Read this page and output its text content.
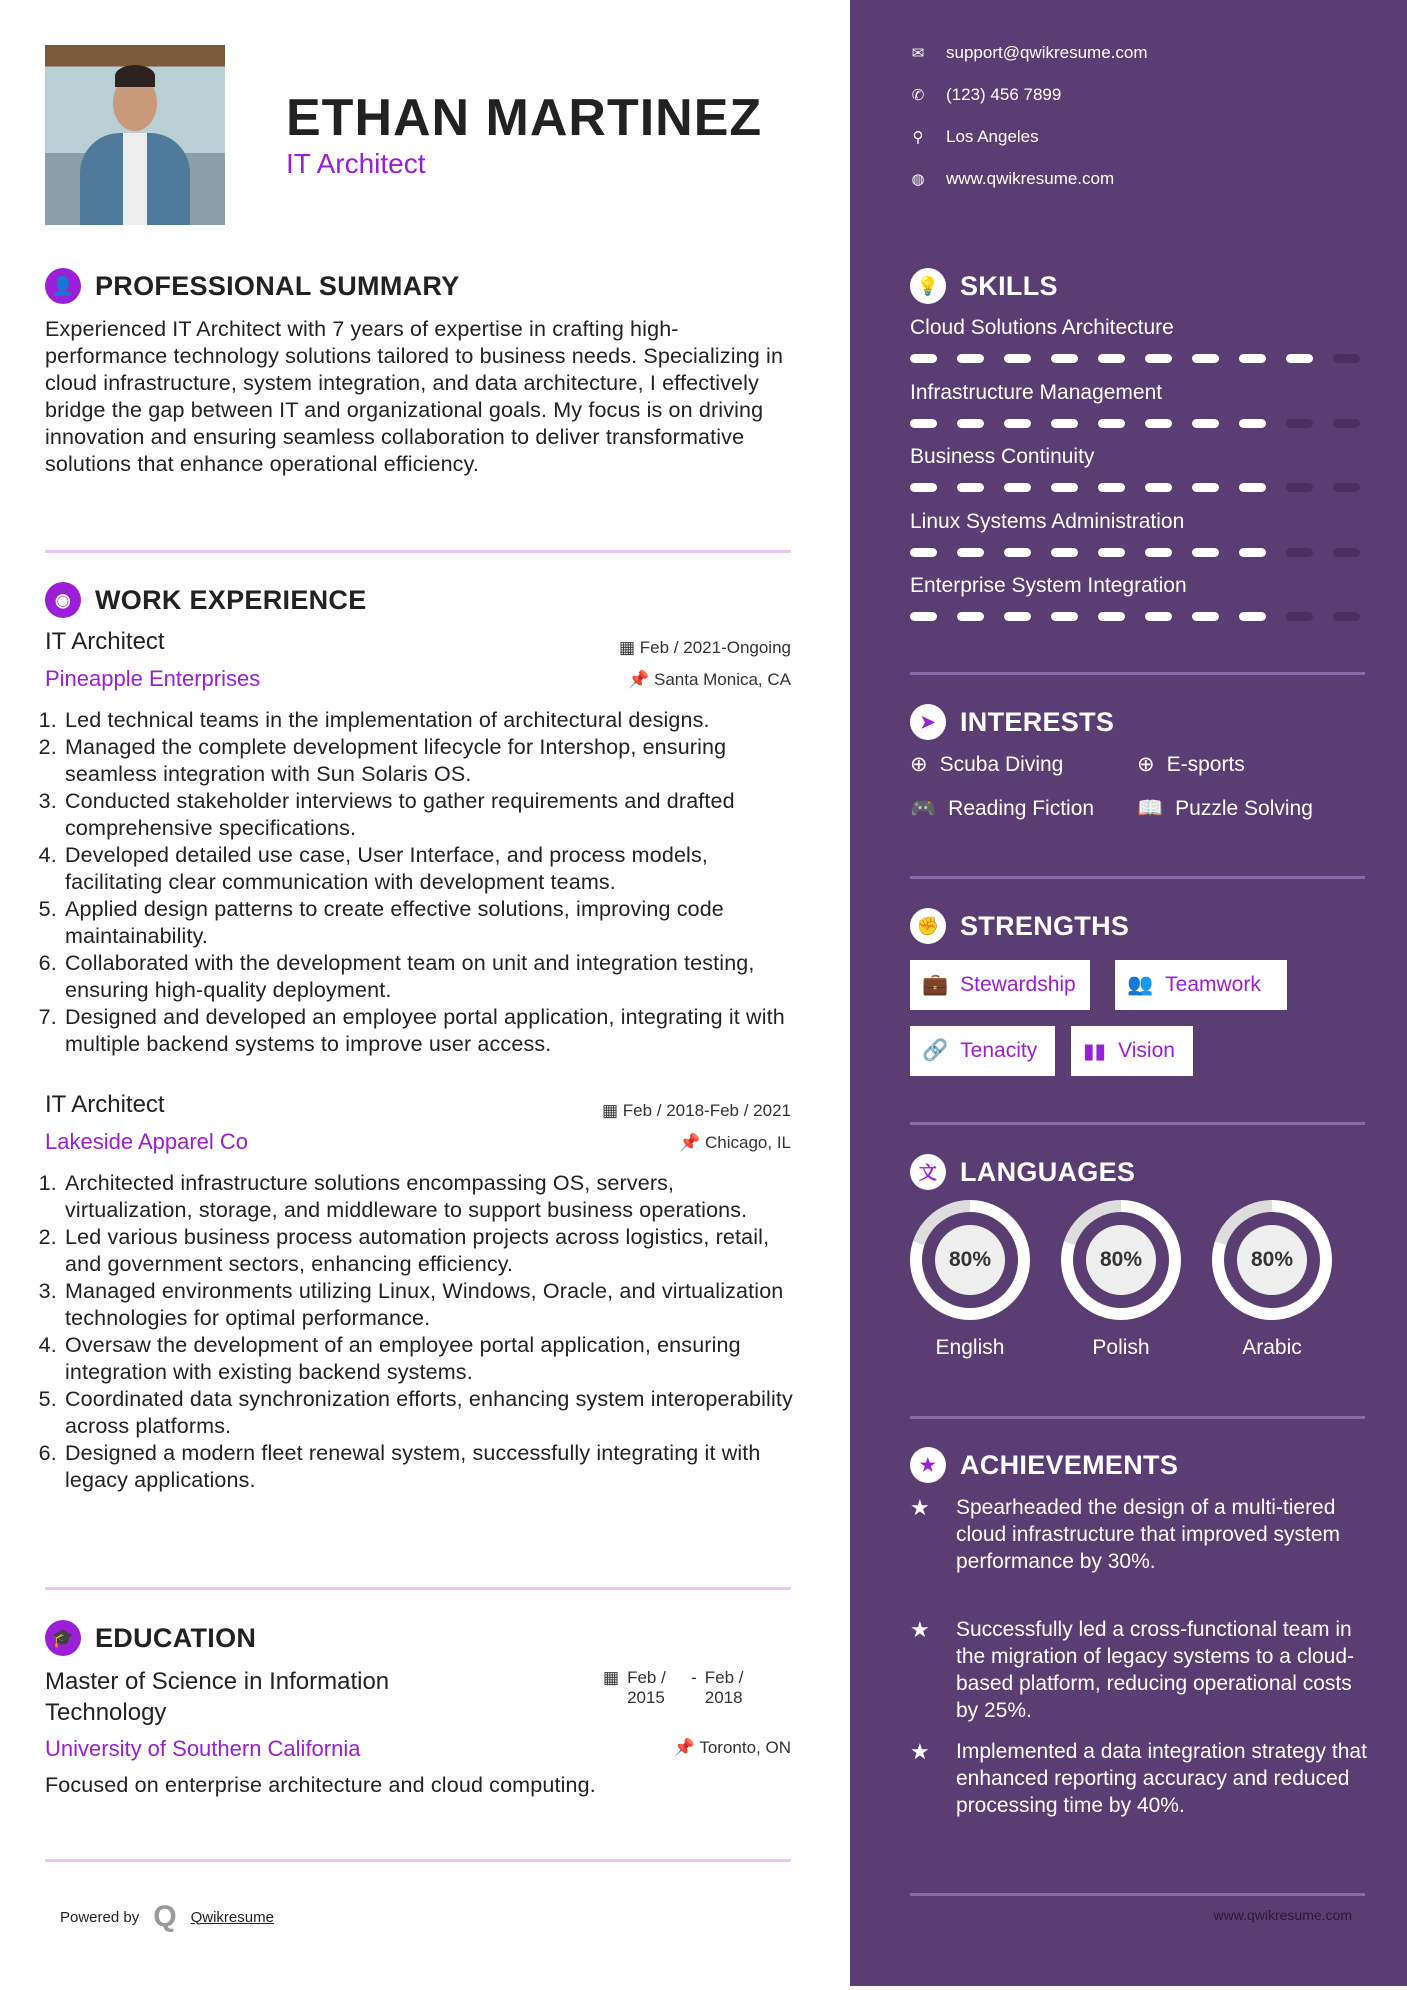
ETHAN MARTINEZ
IT Architect
👤 PROFESSIONAL SUMMARY
Experienced IT Architect with 7 years of expertise in crafting high-performance technology solutions tailored to business needs. Specializing in cloud infrastructure, system integration, and data architecture, I effectively bridge the gap between IT and organizational goals. My focus is on driving innovation and ensuring seamless collaboration to deliver transformative solutions that enhance operational efficiency.
◉ WORK EXPERIENCE
IT Architect	▦ Feb / 2021-Ongoing
Pineapple Enterprises	📌 Santa Monica, CA
1. Led technical teams in the implementation of architectural designs.
2. Managed the complete development lifecycle for Intershop, ensuring seamless integration with Sun Solaris OS.
3. Conducted stakeholder interviews to gather requirements and drafted comprehensive specifications.
4. Developed detailed use case, User Interface, and process models, facilitating clear communication with development teams.
5. Applied design patterns to create effective solutions, improving code maintainability.
6. Collaborated with the development team on unit and integration testing, ensuring high-quality deployment.
7. Designed and developed an employee portal application, integrating it with multiple backend systems to improve user access.
IT Architect	▦ Feb / 2018-Feb / 2021
Lakeside Apparel Co	📌 Chicago, IL
1. Architected infrastructure solutions encompassing OS, servers, virtualization, storage, and middleware to support business operations.
2. Led various business process automation projects across logistics, retail, and government sectors, enhancing efficiency.
3. Managed environments utilizing Linux, Windows, Oracle, and virtualization technologies for optimal performance.
4. Oversaw the development of an employee portal application, ensuring integration with existing backend systems.
5. Coordinated data synchronization efforts, enhancing system interoperability across platforms.
6. Designed a modern fleet renewal system, successfully integrating it with legacy applications.
🎓 EDUCATION
Master of Science in Information Technology
▦ Feb / 2015
- Feb / 2018
University of Southern California	📌 Toronto, ON
Focused on enterprise architecture and cloud computing.
Powered by Q Qwikresume
✉ support@qwikresume.com
✆ (123) 456 7899
⚲ Los Angeles
◍ www.qwikresume.com
💡 SKILLS
Cloud Solutions Architecture
Infrastructure Management
Business Continuity
Linux Systems Administration
Enterprise System Integration
➤ INTERESTS
⊕ Scuba Diving	⊕ E-sports
🎮 Reading Fiction 📖 Puzzle Solving
✊ STRENGTHS
💼 Stewardship 👥 Teamwork
🔗 Tenacity ▮▮ Vision
文 LANGUAGES
80%
English
80%
Polish
80%
Arabic
★ ACHIEVEMENTS
★	Spearheaded the design of a multi-tiered cloud infrastructure that improved system performance by 30%.
★	Successfully led a cross-functional team in the migration of legacy systems to a cloud-based platform, reducing operational costs by 25%.
★	Implemented a data integration strategy that enhanced reporting accuracy and reduced processing time by 40%.
www.qwikresume.com
